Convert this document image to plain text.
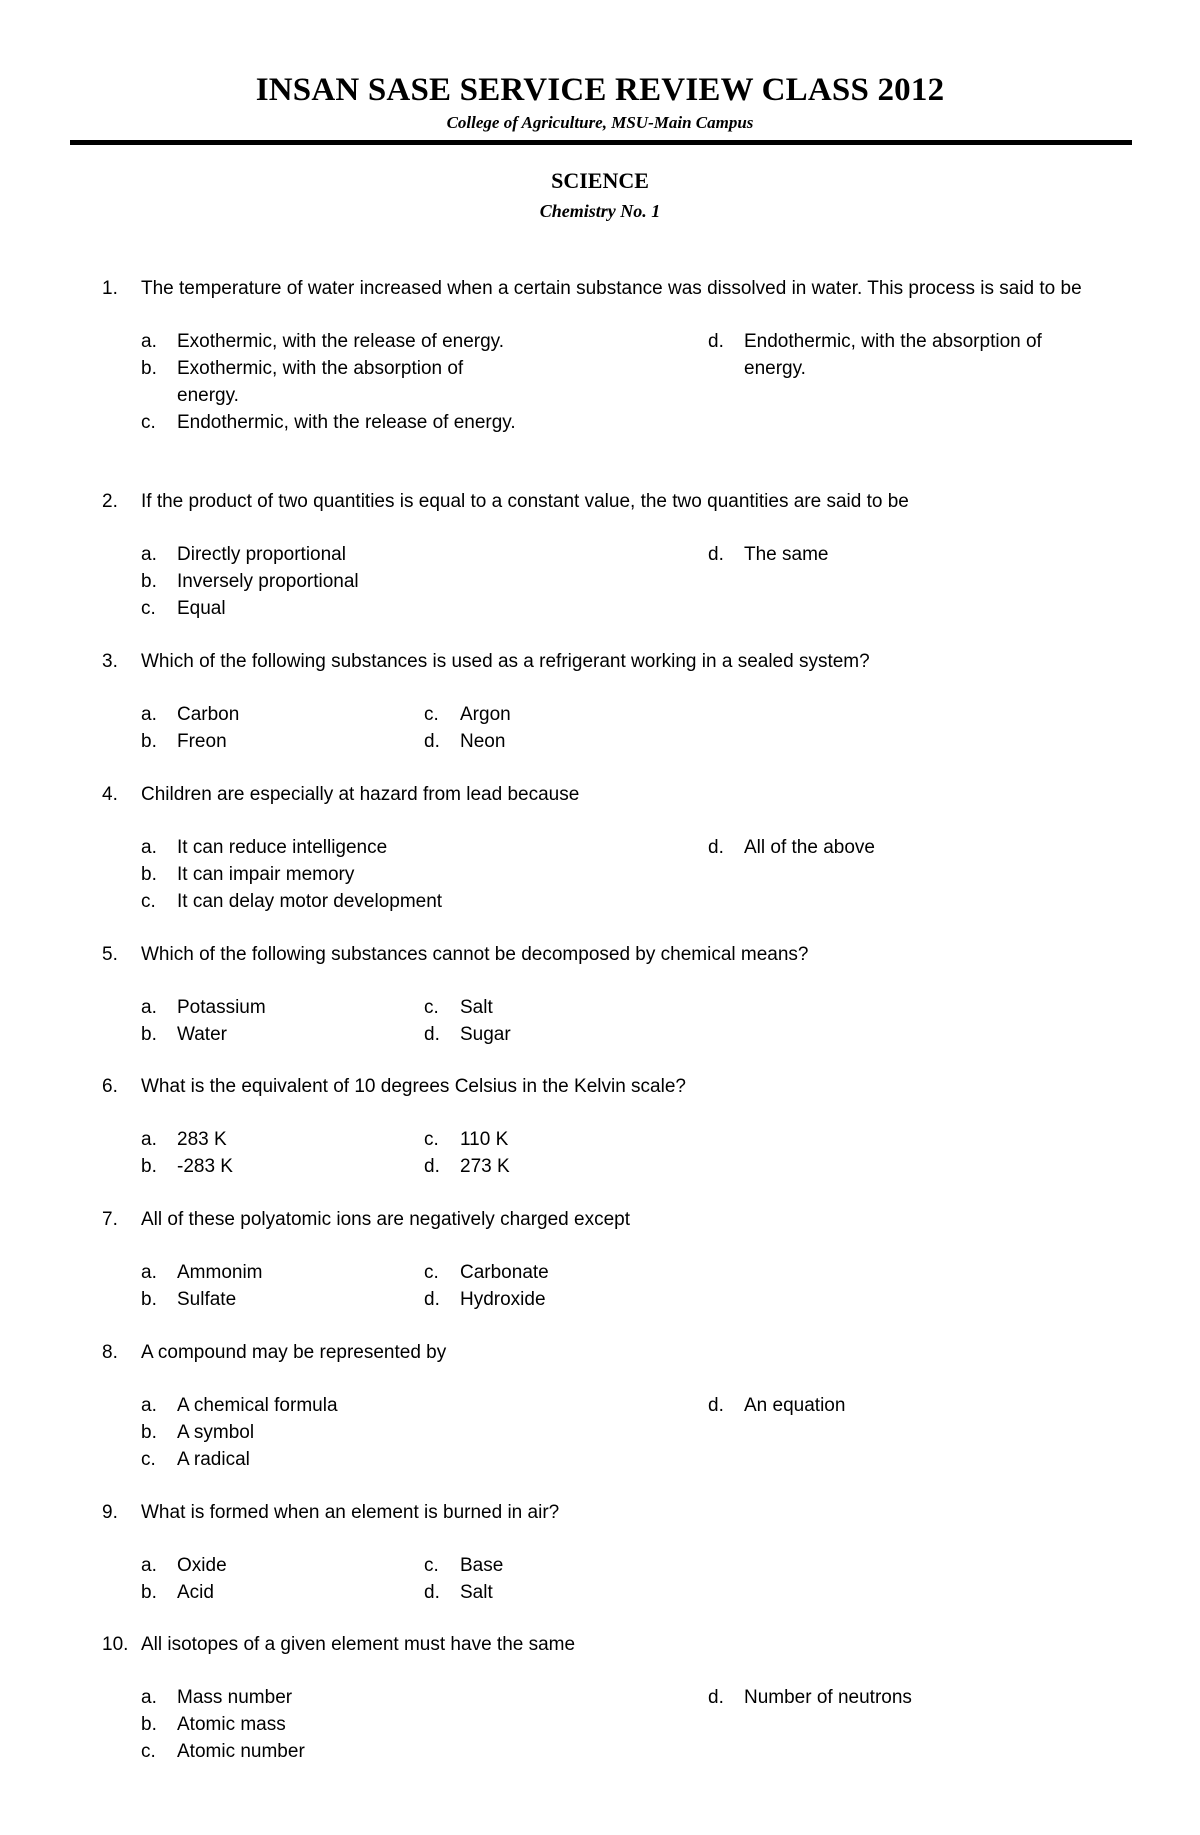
INSAN SASE SERVICE REVIEW CLASS 2012
College of Agriculture, MSU-Main Campus
SCIENCE
Chemistry No. 1
1. The temperature of water increased when a certain substance was dissolved in water. This process is said to be
a.	Exothermic, with the release of energy.
b.	Exothermic, with the absorption of energy.
c.	Endothermic, with the release of energy.
d.	Endothermic, with the absorption of energy.
2. If the product of two quantities is equal to a constant value, the two quantities are said to be
a.	Directly proportional
b.	Inversely proportional
c.	Equal
d.	The same
3. Which of the following substances is used as a refrigerant working in a sealed system?
a.	Carbon
b.	Freon
c.	Argon
d.	Neon
4. Children are especially at hazard from lead because
a.	It can reduce intelligence
b.	It can impair memory
c.	It can delay motor development
d.	All of the above
5. Which of the following substances cannot be decomposed by chemical means?
a.	Potassium
b.	Water
c.	Salt
d.	Sugar
6. What is the equivalent of 10 degrees Celsius in the Kelvin scale?
a.	283 K
b.	-283 K
c.	110 K
d.	273 K
7. All of these polyatomic ions are negatively charged except
a.	Ammonim
b.	Sulfate
c.	Carbonate
d.	Hydroxide
8. A compound may be represented by
a.	A chemical formula
b.	A symbol
c.	A radical
d.	An equation
9. What is formed when an element is burned in air?
a.	Oxide
b.	Acid
c.	Base
d.	Salt
10. All isotopes of a given element must have the same
a.	Mass number
b.	Atomic mass
c.	Atomic number
d.	Number of neutrons
